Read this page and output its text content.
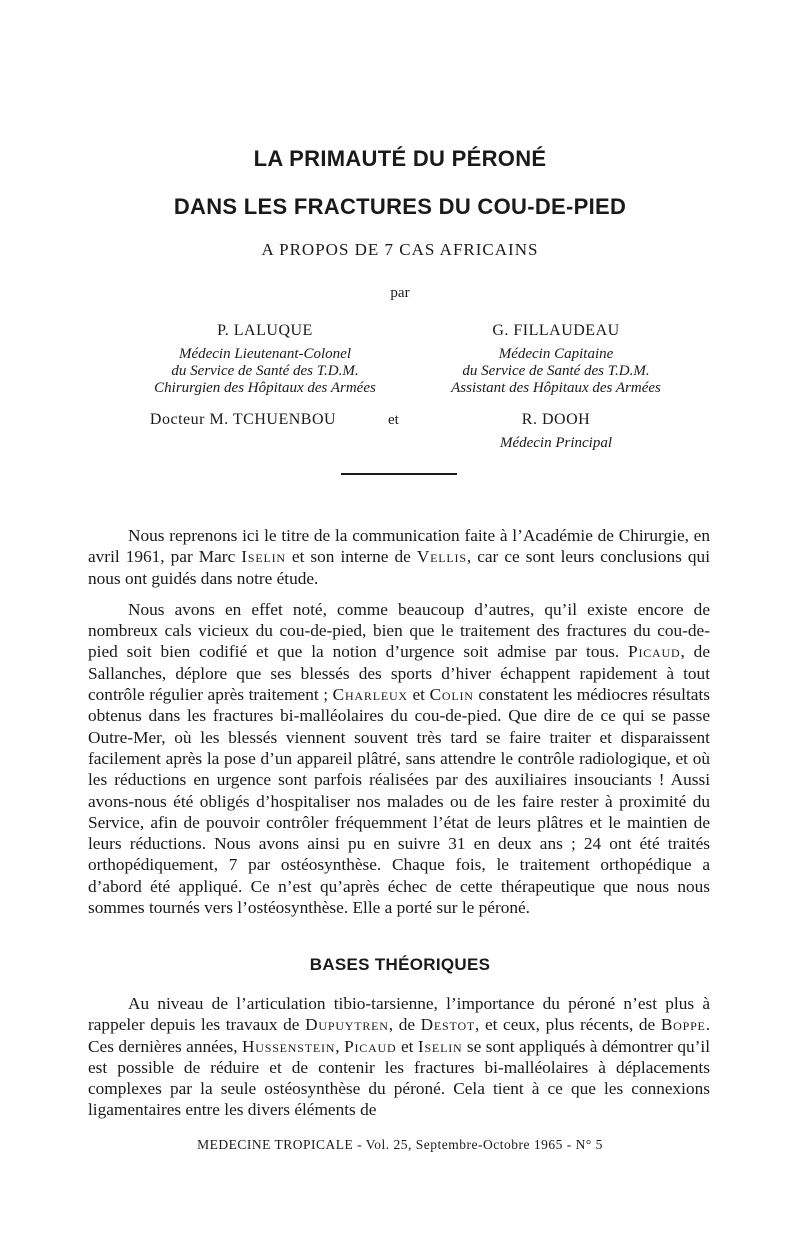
LA PRIMAUTÉ DU PÉRONÉ
DANS LES FRACTURES DU COU-DE-PIED
A PROPOS DE 7 CAS AFRICAINS
par
P. LALUQUE
Médecin Lieutenant-Colonel
du Service de Santé des T.D.M.
Chirurgien des Hôpitaux des Armées
G. FILLAUDEAU
Médecin Capitaine
du Service de Santé des T.D.M.
Assistant des Hôpitaux des Armées
Docteur M. TCHUENBOU	et	R. DOOH
Médecin Principal

Nous reprenons ici le titre de la communication faite à l’Académie de Chirurgie, en avril 1961, par Marc Iselin et son interne de Vellis, car ce sont leurs conclusions qui nous ont guidés dans notre étude.

Nous avons en effet noté, comme beaucoup d’autres, qu’il existe encore de nombreux cals vicieux du cou-de-pied, bien que le traitement des fractures du cou-de-pied soit bien codifié et que la notion d’urgence soit admise par tous. Picaud, de Sallanches, déplore que ses blessés des sports d’hiver échappent rapidement à tout contrôle régulier après traitement ; Charleux et Colin constatent les médiocres résultats obtenus dans les fractures bi-malléolaires du cou-de-pied. Que dire de ce qui se passe Outre-Mer, où les blessés viennent souvent très tard se faire traiter et disparaissent facilement après la pose d’un appareil plâtré, sans attendre le contrôle radiologique, et où les réductions en urgence sont parfois réalisées par des auxiliaires insouciants ! Aussi avons-nous été obligés d’hospitaliser nos malades ou de les faire rester à proximité du Service, afin de pouvoir contrôler fréquemment l’état de leurs plâtres et le maintien de leurs réductions. Nous avons ainsi pu en suivre 31 en deux ans ; 24 ont été traités orthopédiquement, 7 par ostéosynthèse. Chaque fois, le traitement orthopédique a d’abord été appliqué. Ce n’est qu’après échec de cette thérapeutique que nous nous sommes tournés vers l’ostéosynthèse. Elle a porté sur le péroné.

BASES THÉORIQUES

Au niveau de l’articulation tibio-tarsienne, l’importance du péroné n’est plus à rappeler depuis les travaux de Dupuytren, de Destot, et ceux, plus récents, de Boppe. Ces dernières années, Hussenstein, Picaud et Iselin se sont appliqués à démontrer qu’il est possible de réduire et de contenir les fractures bi-malléolaires à déplacements complexes par la seule ostéosynthèse du péroné. Cela tient à ce que les connexions ligamentaires entre les divers éléments de

MEDECINE TROPICALE - Vol. 25, Septembre-Octobre 1965 - N° 5
